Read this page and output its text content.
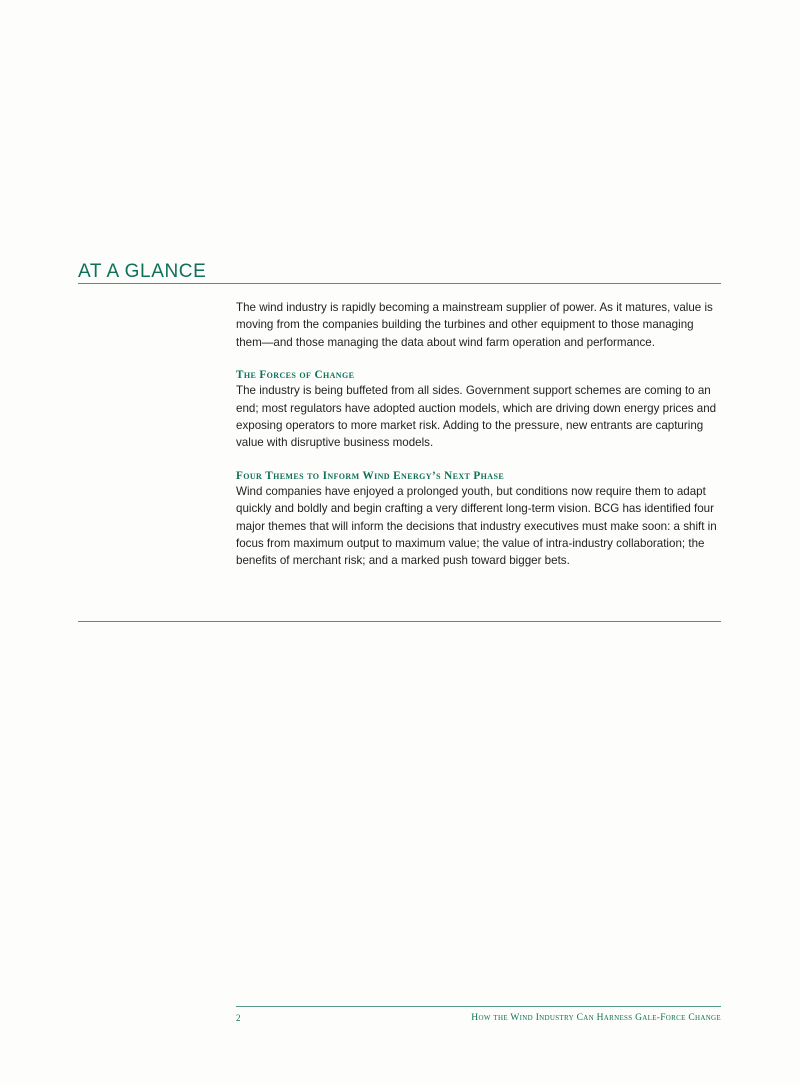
AT A GLANCE

The wind industry is rapidly becoming a mainstream supplier of power. As it matures, value is moving from the companies building the turbines and other equipment to those managing them—and those managing the data about wind farm operation and performance.

The Forces of Change

The industry is being buffeted from all sides. Government support schemes are coming to an end; most regulators have adopted auction models, which are driving down energy prices and exposing operators to more market risk. Adding to the pressure, new entrants are capturing value with disruptive business models.

Four Themes to Inform Wind Energy’s Next Phase

Wind companies have enjoyed a prolonged youth, but conditions now require them to adapt quickly and boldly and begin crafting a very different long-term vision. BCG has identified four major themes that will inform the decisions that industry executives must make soon: a shift in focus from maximum output to maximum value; the value of intra-industry collaboration; the benefits of merchant risk; and a marked push toward bigger bets.

2	How the Wind Industry Can Harness Gale-Force Change
